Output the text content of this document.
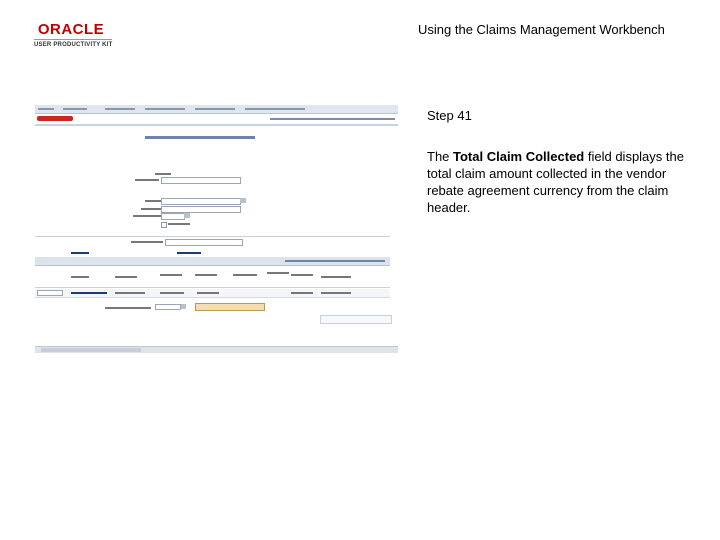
ORACLE
USER PRODUCTIVITY KIT
Using the Claims Management Workbench
Step 41
The Total Claim Collected field displays the total claim amount collected in the vendor rebate agreement currency from the claim header.
